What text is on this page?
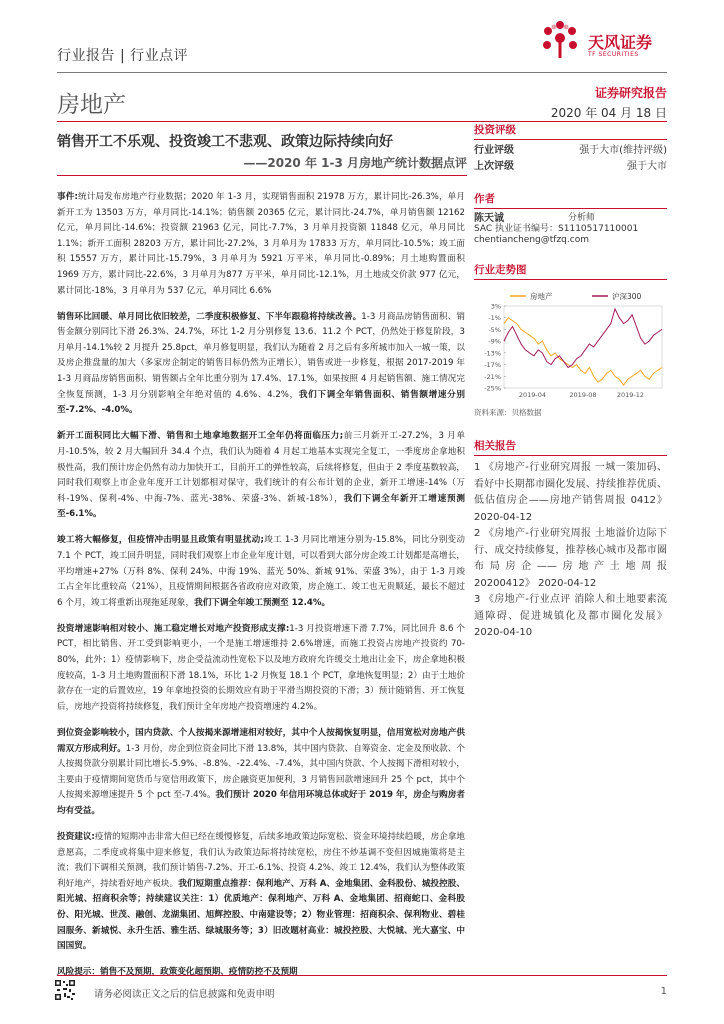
行业报告 | 行业点评
天风证券
TF SECURITIES
房地产	证券研究报告
2020 年 04 月 18 日
销售开工不乐观、投资竣工不悲观、政策边际持续向好
——2020 年 1-3 月房地产统计数据点评

事件:统计局发布房地产行业数据；2020 年 1-3 月，实现销售面积 21978 万方，累计同比-26.3%，单月新开工为 13503 万方，单月同比-14.1%；销售额 20365 亿元，累计同比-24.7%，单月销售额 12162 亿元，单月同比-14.6%；投资额 21963 亿元，同比-7.7%，3 月单月投资额 11848 亿元，单月同比 1.1%；新开工面积 28203 万方，累计同比-27.2%，3 月单月为 17833 万方，单月同比-10.5%；竣工面积 15557 万方，累计同比-15.79%，3 月单月为 5921 万平米，单月同比-0.89%；月土地购置面积 1969 万方，累计同比-22.6%，3 月单月为877 万平米，单月同比-12.1%，月土地成交价款 977 亿元，累计同比-18%，3 月单月为 537 亿元，单月同比 6.6%

销售环比回暖、单月同比依旧较差，二季度积极修复、下半年跟稳将持续改善。1-3 月商品房销售面积、销售金额分别同比下滑 26.3%、24.7%，环比 1-2 月分别修复 13.6、11.2 个 PCT，仍然处于修复阶段，3 月单月-14.1%较 2 月提升 25.8pct，单月修复明显，我们认为随着 2 月之后有多所城市加入一城一策，以及房企推盘量的加大（多家房企制定的销售目标仍然为正增长），销售或进一步修复，根据 2017-2019 年 1-3 月商品房销售面积、销售额占全年比重分别为 17.4%、17.1%，如果按照 4 月起销售额、施工情况完全恢复预测，1-3 月分别影响全年绝对值的 4.6%、4.2%，我们下调全年销售面积、销售额增速分别至-7.2%、-4.0%。

新开工面积同比大幅下滑、销售和土地拿地数据开工全年仍将面临压力;前三月新开工-27.2%，3 月单月-10.5%，较 2 月大幅回升 34.4 个点，我们认为随着 4 月起工地基本实现完全复工，一季度房企拿地积极性高，我们预计房企仍然有动力加快开工，目前开工的弹性较高，后续将修复，但由于 2 季度基数较高，同时我们观察上市企业年度开工计划都相对保守，我们统计的有公布计划的企业，新开工增速-14%（万科-19%、保利-4%、中海-7%、蓝光-38%、荣盛-3%、新城-18%），我们下调全年新开工增速预测至-6.1%。

竣工将大幅修复，但疫情冲击明显且政策有明显扰动;竣工 1-3 月同比增速分别为-15.8%，同比分别变动 7.1 个 PCT，竣工回升明显，同时我们观察上市企业年度计划，可以看到大部分房企竣工计划都是高增长，平均增速+27%（万科 8%、保利 24%、中海 19%、蓝光 50%、新城 91%、荣盛 3%），由于 1-3 月竣工占全年比重较高（21%），且疫情期间根据各省政府应对政策，房企施工、竣工也无贵顺延，最长不超过 6 个月，竣工将重新出现拖延现象，我们下调全年竣工预测至 12.4%。

投资增速影响相对较小、施工稳定增长对地产投资形成支撑:1-3 月投资增速下滑 7.7%，同比回升 8.6 个 PCT，相比销售、开工受到影响更小，一个是施工增速维持 2.6%增速，而施工投资占房地产投资约 70-80%，此外；1）疫情影响下，房企受益流动性宽松下以及地方政府允许缓交土地出让金下，房企拿地积极度较高，1-3 月土地购置面积下滑 18.1%，环比 1-2 月恢复 18.1 个 PCT，拿地恢复明显；2）由于土地价款存在一定的后置效应，19 年拿地投资的长期效应有助于平滑当期投资的下滑；3）预计随销售、开工恢复后，房地产投资将持续修复，我们预计全年房地产投资增速约 4.2%。

到位资金影响较小，国内贷款、个人按揭来源增速相对较好，其中个人按揭恢复明显，信用宽松对房地产供需双方形成利好。1-3 月份，房企到位资金同比下滑 13.8%，其中国内贷款、自筹资金、定金及预收款、个人按揭贷款分别累计同比增长-5.9%、-8.8%、-22.4%、-7.4%，其中国内贷款、个人按揭下滑相对较小，主要由于疫情期间宽货币与宽信用政策下，房企融资更加便利，3 月销售回款增速回升 25 个 pct，其中个人按揭来源增速提升 5 个 pct 至-7.4%。我们预计 2020 年信用环境总体或好于 2019 年，房企与购房者均有受益。

投资建议:疫情的短期冲击非常大但已经在缓慢修复，后续多地政策边际宽松、资金环境持续趋暖，房企拿地意愿高，二季度或将集中迎来修复，我们认为政策边际将持续宽松，房住不炒基调不变但因城施策将是主流；我们下调相关预测，我们预计销售-7.2%、开工-6.1%、投资 4.2%、竣工 12.4%，我们认为整体政策利好地产，持续看好地产板块。我们短期重点推荐：保利地产、万科 A、金地集团、金科股份、城投控股、阳光城、招商积余等；持续建议关注：1）优质地产：保利地产、万科 A、金地集团、招商蛇口、金科股份、阳光城、世茂、融创、龙湖集团、旭辉控股、中南建设等；2）物业管理：招商积余、保利物业、碧桂园服务、新城悦、永升生活、雅生活、绿城服务等；3）旧改题材高业：城投控股、大悦城、光大嘉宝、中国国贸。

风险提示：销售不及预期，政策变化超预期、疫情防控不及预期

投资评级
行业评级	强于大市(维持评级)
上次评级	强于大市
作者
陈天诚	分析师
SAC 执业证书编号：S1110517110001
chentiancheng@tfzq.com
行业走势图
房地产	沪深300
3%
-1%
-5%
-9%
-13%
-17%
-21%
-25%
2019-04	2019-08	2019-12
资料来源：贝格数据
相关报告
1 《房地产-行业研究周报 一城一策加码、看好中长期都市圈化发展、持续推荐优质、低估值房企——房地产销售周报 0412》 2020-04-12
2 《房地产-行业研究周报 土地溢价边际下行、成交持续修复，推荐核心城市及都市圈布局房企——房地产土地周报 20200412》 2020-04-12
3 《房地产-行业点评 消除人和土地要素流通障碍、促进城镇化及都市圈化发展》 2020-04-10
请务必阅读正文之后的信息披露和免责申明	1
